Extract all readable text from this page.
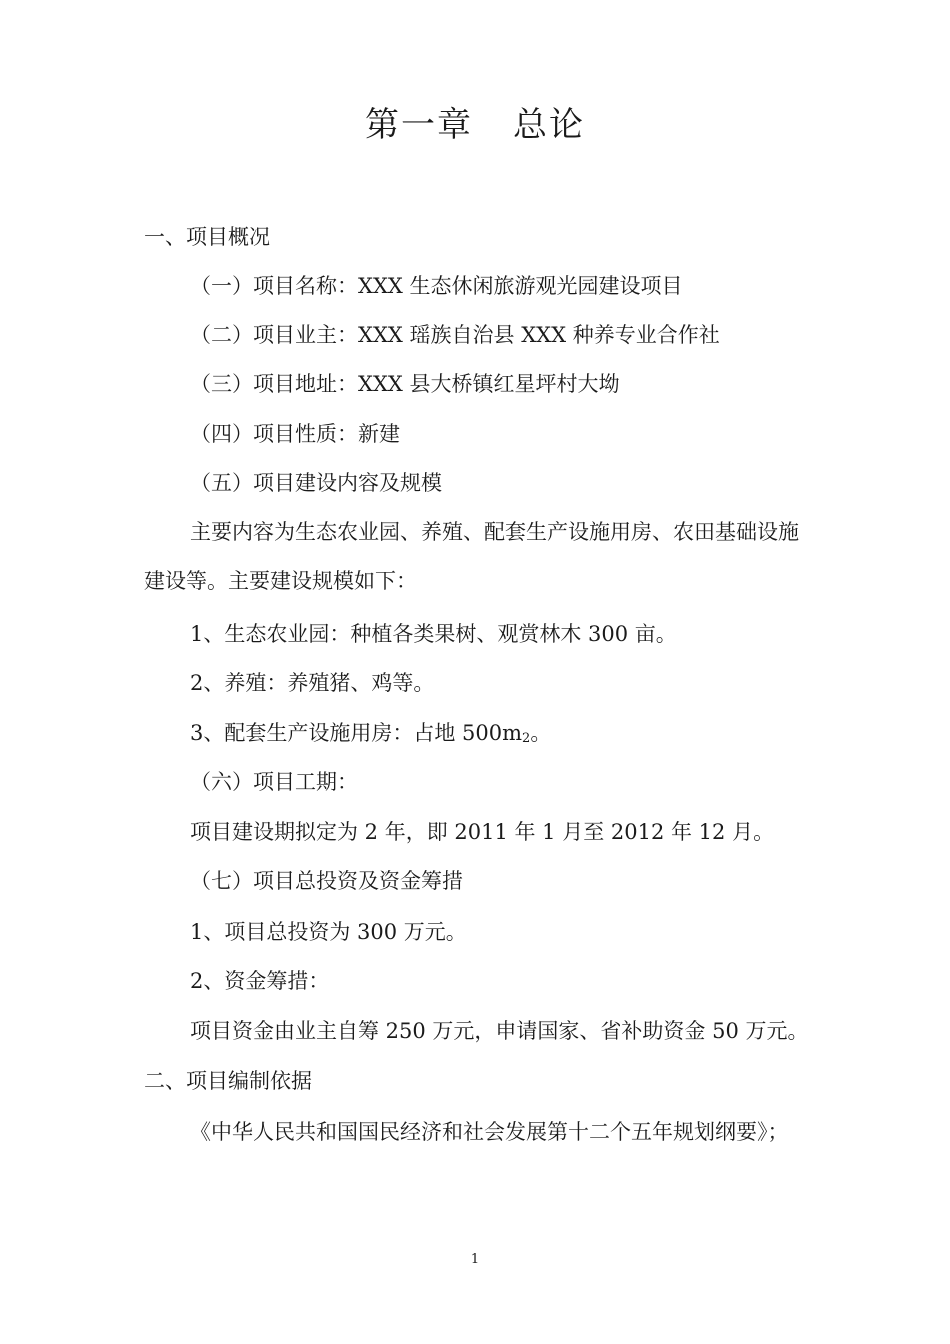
第一章 总论
一、项目概况
（一）项目名称：XXX 生态休闲旅游观光园建设项目
（二）项目业主：XXX 瑶族自治县 XXX 种养专业合作社
（三）项目地址：XXX 县大桥镇红星坪村大坳
（四）项目性质：新建
（五）项目建设内容及规模
主要内容为生态农业园、养殖、配套生产设施用房、农田基础设施建设等。主要建设规模如下：
1、生态农业园：种植各类果树、观赏林木 300 亩。
2、养殖：养殖猪、鸡等。
3、配套生产设施用房：占地 $500m_2$。
（六）项目工期：
项目建设期拟定为 2 年，即 2011 年 1 月至 2012 年 12 月。
（七）项目总投资及资金筹措
1、项目总投资为 300 万元。
2、资金筹措：
项目资金由业主自筹 250 万元，申请国家、省补助资金 50 万元。
二、项目编制依据
《中华人民共和国国民经济和社会发展第十二个五年规划纲要》；
1
